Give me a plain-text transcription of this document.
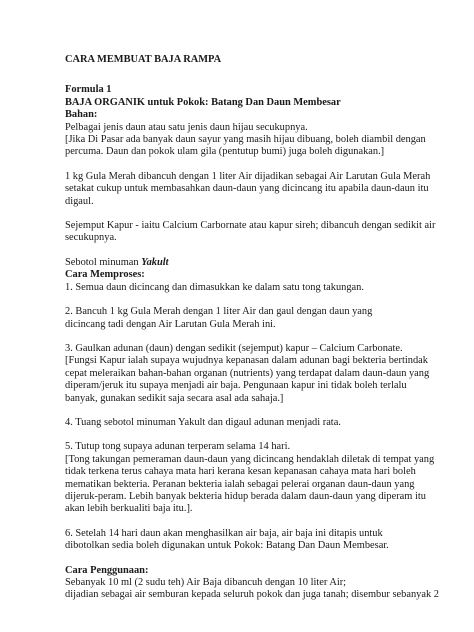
CARA MEMBUAT BAJA RAMPA
Formula 1
BAJA ORGANIK untuk Pokok: Batang Dan Daun Membesar
Bahan:
Pelbagai jenis daun atau satu jenis daun hijau secukupnya.
[Jika Di Pasar ada banyak daun sayur yang masih hijau dibuang, boleh diambil dengan
percuma. Daun dan pokok ulam gila (pentutup bumi) juga boleh digunakan.]
1 kg Gula Merah dibancuh dengan 1 liter Air dijadikan sebagai Air Larutan Gula Merah
setakat cukup untuk membasahkan daun-daun yang dicincang itu apabila daun-daun itu
digaul.
Sejemput Kapur - iaitu Calcium Carbornate atau kapur sireh; dibancuh dengan sedikit air
secukupnya.
Sebotol minuman Yakult
Cara Memproses:
1. Semua daun dicincang dan dimasukkan ke dalam satu tong takungan.
2. Bancuh 1 kg Gula Merah dengan 1 liter Air dan gaul dengan daun yang
dicincang tadi dengan Air Larutan Gula Merah ini.
3. Gaulkan adunan (daun) dengan sedikit (sejemput) kapur – Calcium Carbonate.
[Fungsi Kapur ialah supaya wujudnya kepanasan dalam adunan bagi bekteria bertindak
cepat meleraikan bahan-bahan organan (nutrients) yang terdapat dalam daun-daun yang
diperam/jeruk itu supaya menjadi air baja. Pengunaan kapur ini tidak boleh terlalu
banyak, gunakan sedikit saja secara asal ada sahaja.]
4. Tuang sebotol minuman Yakult dan digaul adunan menjadi rata.
5. Tutup tong supaya adunan terperam selama 14 hari.
[Tong takungan pemeraman daun-daun yang dicincang hendaklah diletak di tempat yang
tidak terkena terus cahaya mata hari kerana kesan kepanasan cahaya mata hari boleh
mematikan bekteria. Peranan bekteria ialah sebagai pelerai organan daun-daun yang
dijeruk-peram. Lebih banyak bekteria hidup berada dalam daun-daun yang diperam itu
akan lebih berkualiti baja itu.].
6. Setelah 14 hari daun akan menghasilkan air baja, air baja ini ditapis untuk
dibotolkan sedia boleh digunakan untuk Pokok: Batang Dan Daun Membesar.
Cara Penggunaan:
Sebanyak 10 ml (2 sudu teh) Air Baja dibancuh dengan 10 liter Air;
dijadian sebagai air semburan kepada seluruh pokok dan juga tanah; disembur sebanyak 2
